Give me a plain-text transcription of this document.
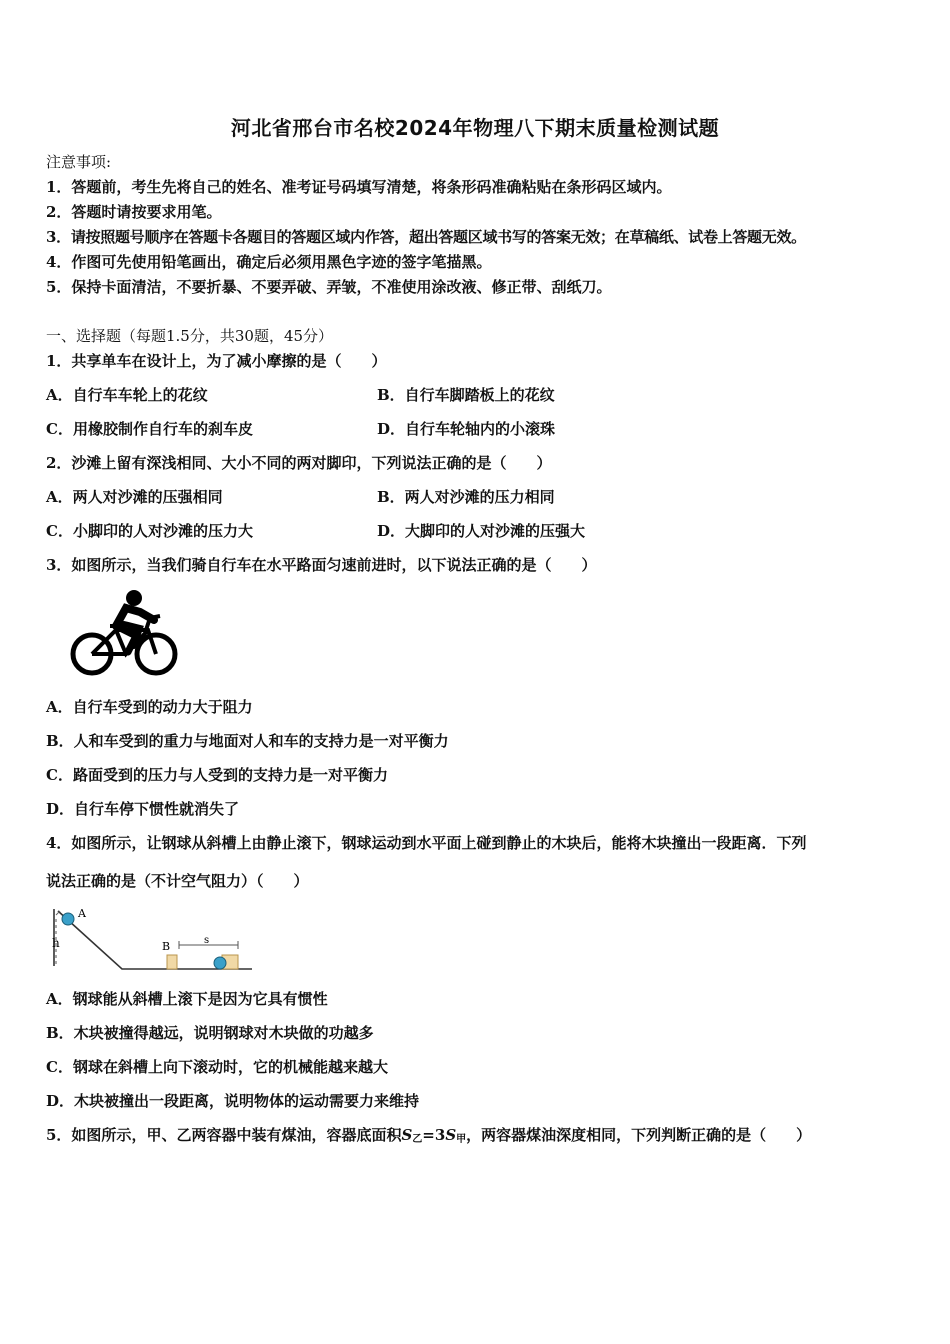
河北省邢台市名校2024年物理八下期末质量检测试题
注意事项:
1．答题前，考生先将自己的姓名、准考证号码填写清楚，将条形码准确粘贴在条形码区域内。
2．答题时请按要求用笔。
3．请按照题号顺序在答题卡各题目的答题区域内作答，超出答题区域书写的答案无效；在草稿纸、试卷上答题无效。
4．作图可先使用铅笔画出，确定后必须用黑色字迹的签字笔描黑。
5．保持卡面清洁，不要折暴、不要弄破、弄皱，不准使用涂改液、修正带、刮纸刀。
一、选择题（每题1.5分，共30题，45分）
1．共享单车在设计上，为了减小摩擦的是（　　）
A．自行车车轮上的花纹	B．自行车脚踏板上的花纹
C．用橡胶制作自行车的刹车皮	D．自行车轮轴内的小滚珠
2．沙滩上留有深浅相同、大小不同的两对脚印，下列说法正确的是（　　）
A．两人对沙滩的压强相同	B．两人对沙滩的压力相同
C．小脚印的人对沙滩的压力大	D．大脚印的人对沙滩的压强大
3．如图所示，当我们骑自行车在水平路面匀速前进时，以下说法正确的是（　　）
A．自行车受到的动力大于阻力
B．人和车受到的重力与地面对人和车的支持力是一对平衡力
C．路面受到的压力与人受到的支持力是一对平衡力
D．自行车停下惯性就消失了
4．如图所示，让钢球从斜槽上由静止滚下，钢球运动到水平面上碰到静止的木块后，能将木块撞出一段距离．下列
说法正确的是（不计空气阻力）（　　）
A
h	B	s
A．钢球能从斜槽上滚下是因为它具有惯性
B．木块被撞得越远，说明钢球对木块做的功越多
C．钢球在斜槽上向下滚动时，它的机械能越来越大
D．木块被撞出一段距离，说明物体的运动需要力来维持
5．如图所示，甲、乙两容器中装有煤油，容器底面积$S_乙=3S_甲$，两容器煤油深度相同，下列判断正确的是（　　）
